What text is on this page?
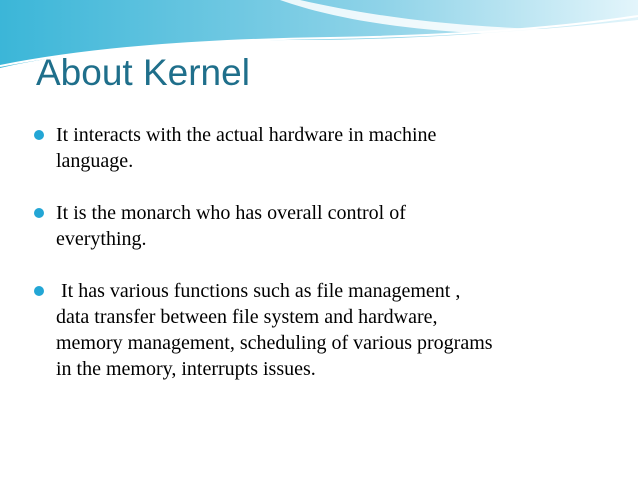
About Kernel
It interacts with the actual hardware in machine
language.
It is the monarch who has overall control of
everything.
It has various functions such as file management ,
data transfer between file system and hardware,
memory management, scheduling of various programs
in the memory, interrupts issues.
